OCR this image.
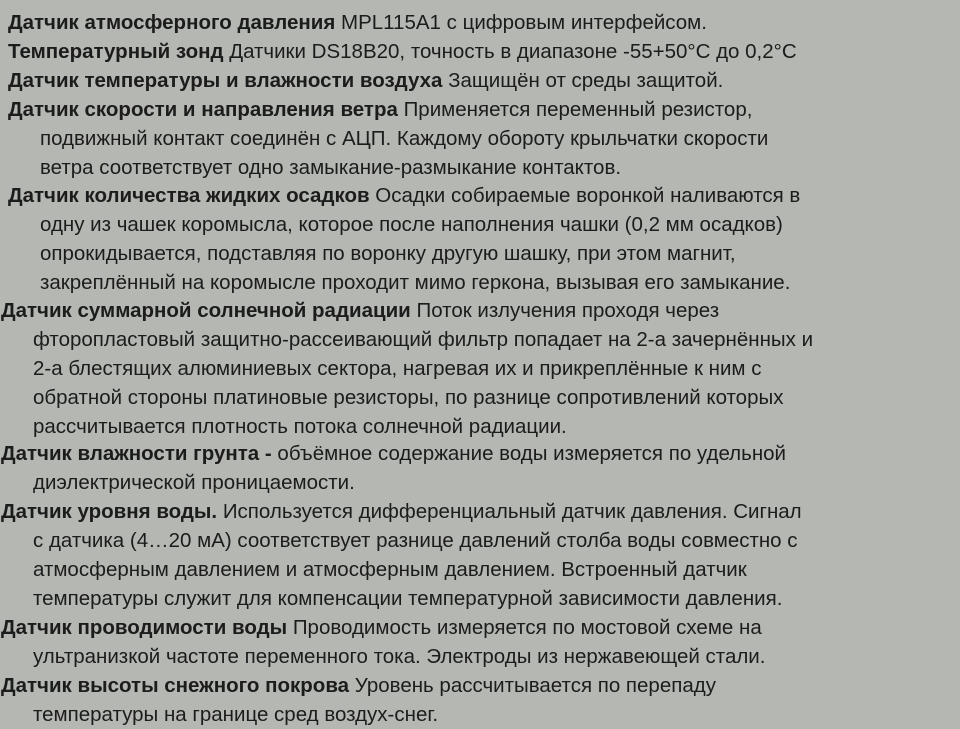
Датчик атмосферного давления MPL115A1 с цифровым интерфейсом.
Температурный зонд Датчики DS18B20, точность в диапазоне -55+50°С до 0,2°С
Датчик температуры и влажности воздуха Защищён от среды защитой.
Датчик скорости и направления ветра Применяется переменный резистор,
подвижный контакт соединён с АЦП. Каждому обороту крыльчатки скорости
ветра соответствует одно замыкание-размыкание контактов.
Датчик количества жидких осадков Осадки собираемые воронкой наливаются в
одну из чашек коромысла, которое после наполнения чашки (0,2 мм осадков)
опрокидывается, подставляя по воронку другую шашку, при этом магнит,
закреплённый на коромысле проходит мимо геркона, вызывая его замыкание.
Датчик суммарной солнечной радиации Поток излучения проходя через
фторопластовый защитно-рассеивающий фильтр попадает на 2-а зачернённых и
2-а блестящих алюминиевых сектора, нагревая их и прикреплённые к ним с
обратной стороны платиновые резисторы, по разнице сопротивлений которых
рассчитывается плотность потока солнечной радиации.
Датчик влажности грунта - объёмное содержание воды измеряется по удельной
диэлектрической проницаемости.
Датчик уровня воды. Используется дифференциальный датчик давления. Сигнал
с датчика (4…20 мА) соответствует разнице давлений столба воды совместно с
атмосферным давлением и атмосферным давлением. Встроенный датчик
температуры служит для компенсации температурной зависимости давления.
Датчик проводимости воды Проводимость измеряется по мостовой схеме на
ультранизкой частоте переменного тока. Электроды из нержавеющей стали.
Датчик высоты снежного покрова Уровень рассчитывается по перепаду
температуры на границе сред воздух-снег.
